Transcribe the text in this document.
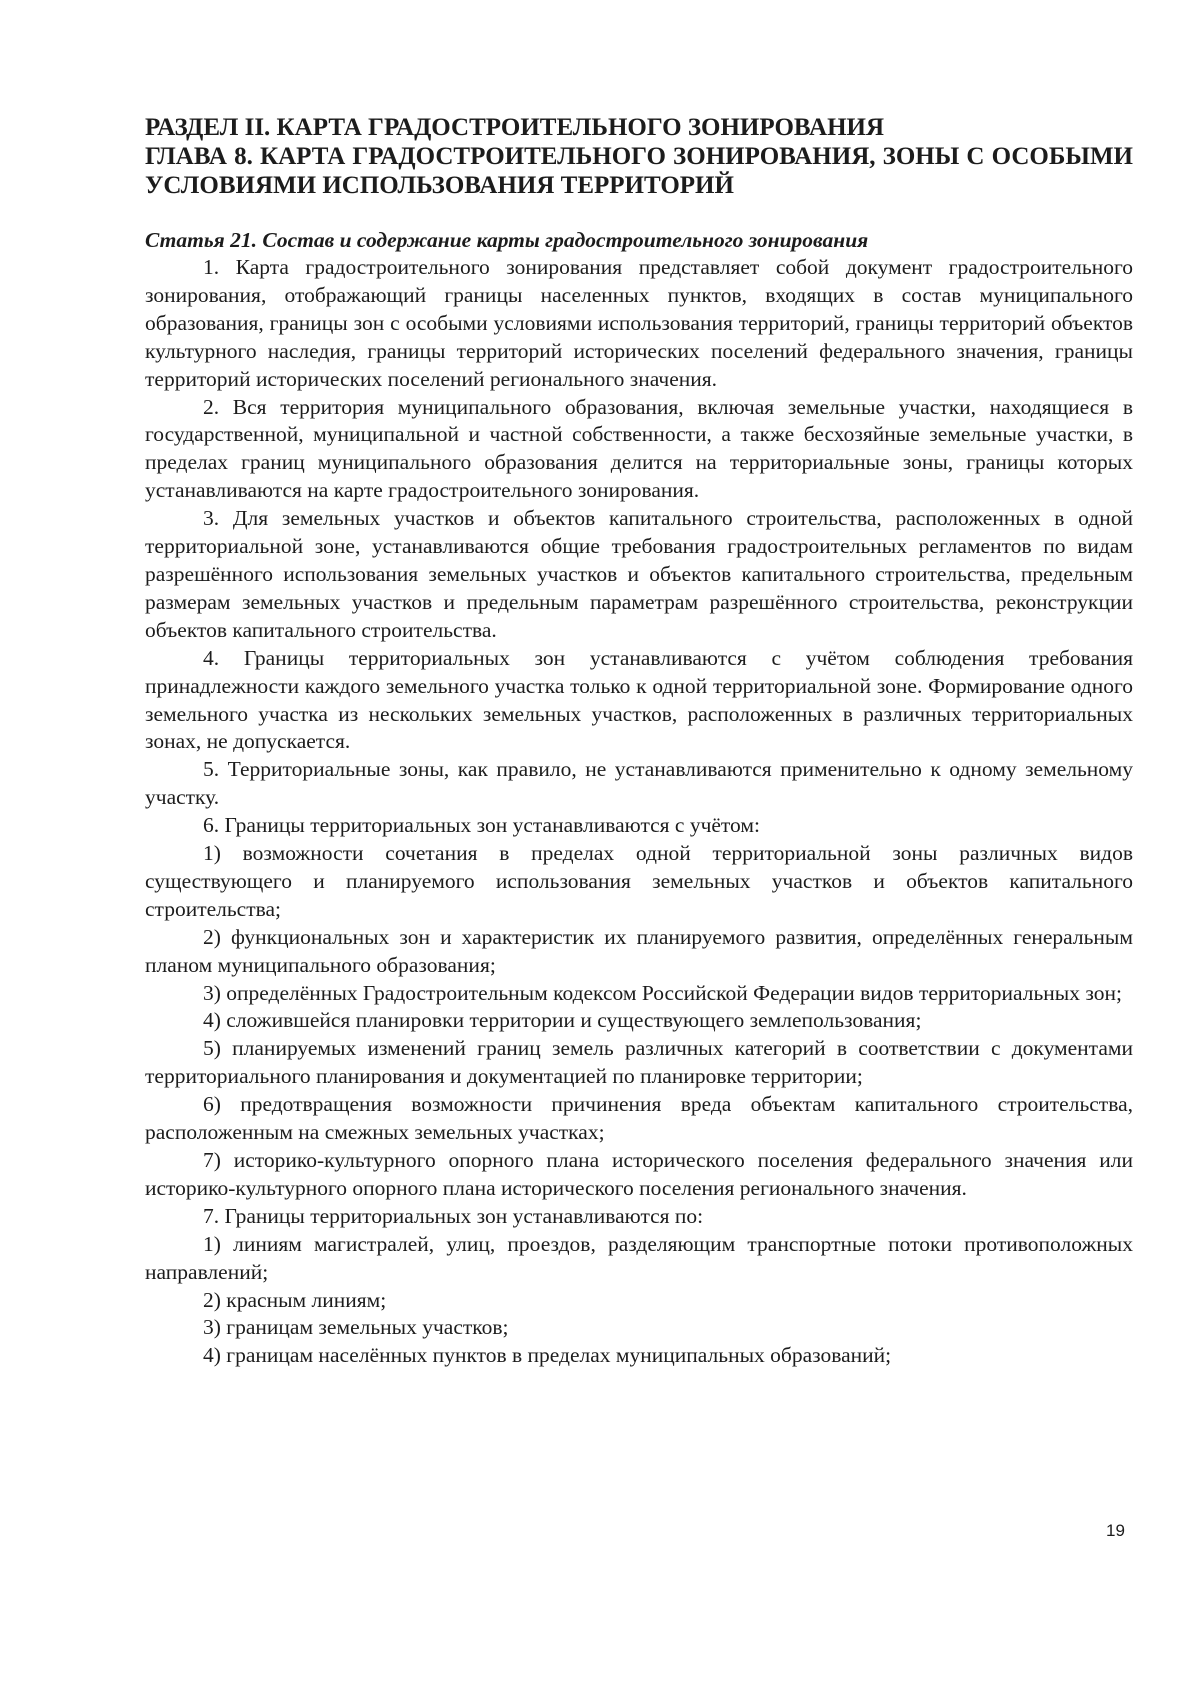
РАЗДЕЛ II. КАРТА ГРАДОСТРОИТЕЛЬНОГО ЗОНИРОВАНИЯ
ГЛАВА 8. КАРТА ГРАДОСТРОИТЕЛЬНОГО ЗОНИРОВАНИЯ, ЗОНЫ С ОСОБЫМИ УСЛОВИЯМИ ИСПОЛЬЗОВАНИЯ ТЕРРИТОРИЙ
Статья 21. Состав и содержание карты градостроительного зонирования

1. Карта градостроительного зонирования представляет собой документ градостроительного зонирования, отображающий границы населенных пунктов, входящих в состав муниципального образования, границы зон с особыми условиями использования территорий, границы территорий объектов культурного наследия, границы территорий исторических поселений федерального значения, границы территорий исторических поселений регионального значения.

2. Вся территория муниципального образования, включая земельные участки, находящиеся в государственной, муниципальной и частной собственности, а также бесхозяйные земельные участки, в пределах границ муниципального образования делится на территориальные зоны, границы которых устанавливаются на карте градостроительного зонирования.

3. Для земельных участков и объектов капитального строительства, расположенных в одной территориальной зоне, устанавливаются общие требования градостроительных регламентов по видам разрешённого использования земельных участков и объектов капитального строительства, предельным размерам земельных участков и предельным параметрам разрешённого строительства, реконструкции объектов капитального строительства.

4. Границы территориальных зон устанавливаются с учётом соблюдения требования принадлежности каждого земельного участка только к одной территориальной зоне. Формирование одного земельного участка из нескольких земельных участков, расположенных в различных территориальных зонах, не допускается.

5. Территориальные зоны, как правило, не устанавливаются применительно к одному земельному участку.

6. Границы территориальных зон устанавливаются с учётом:

1) возможности сочетания в пределах одной территориальной зоны различных видов существующего и планируемого использования земельных участков и объектов капитального строительства;

2) функциональных зон и характеристик их планируемого развития, определённых генеральным планом муниципального образования;

3) определённых Градостроительным кодексом Российской Федерации видов территориальных зон;

4) сложившейся планировки территории и существующего землепользования;

5) планируемых изменений границ земель различных категорий в соответствии с документами территориального планирования и документацией по планировке территории;

6) предотвращения возможности причинения вреда объектам капитального строительства, расположенным на смежных земельных участках;

7) историко-культурного опорного плана исторического поселения федерального значения или историко-культурного опорного плана исторического поселения регионального значения.

7. Границы территориальных зон устанавливаются по:

1) линиям магистралей, улиц, проездов, разделяющим транспортные потоки противоположных направлений;

2) красным линиям;

3) границам земельных участков;

4) границам населённых пунктов в пределах муниципальных образований;

19
